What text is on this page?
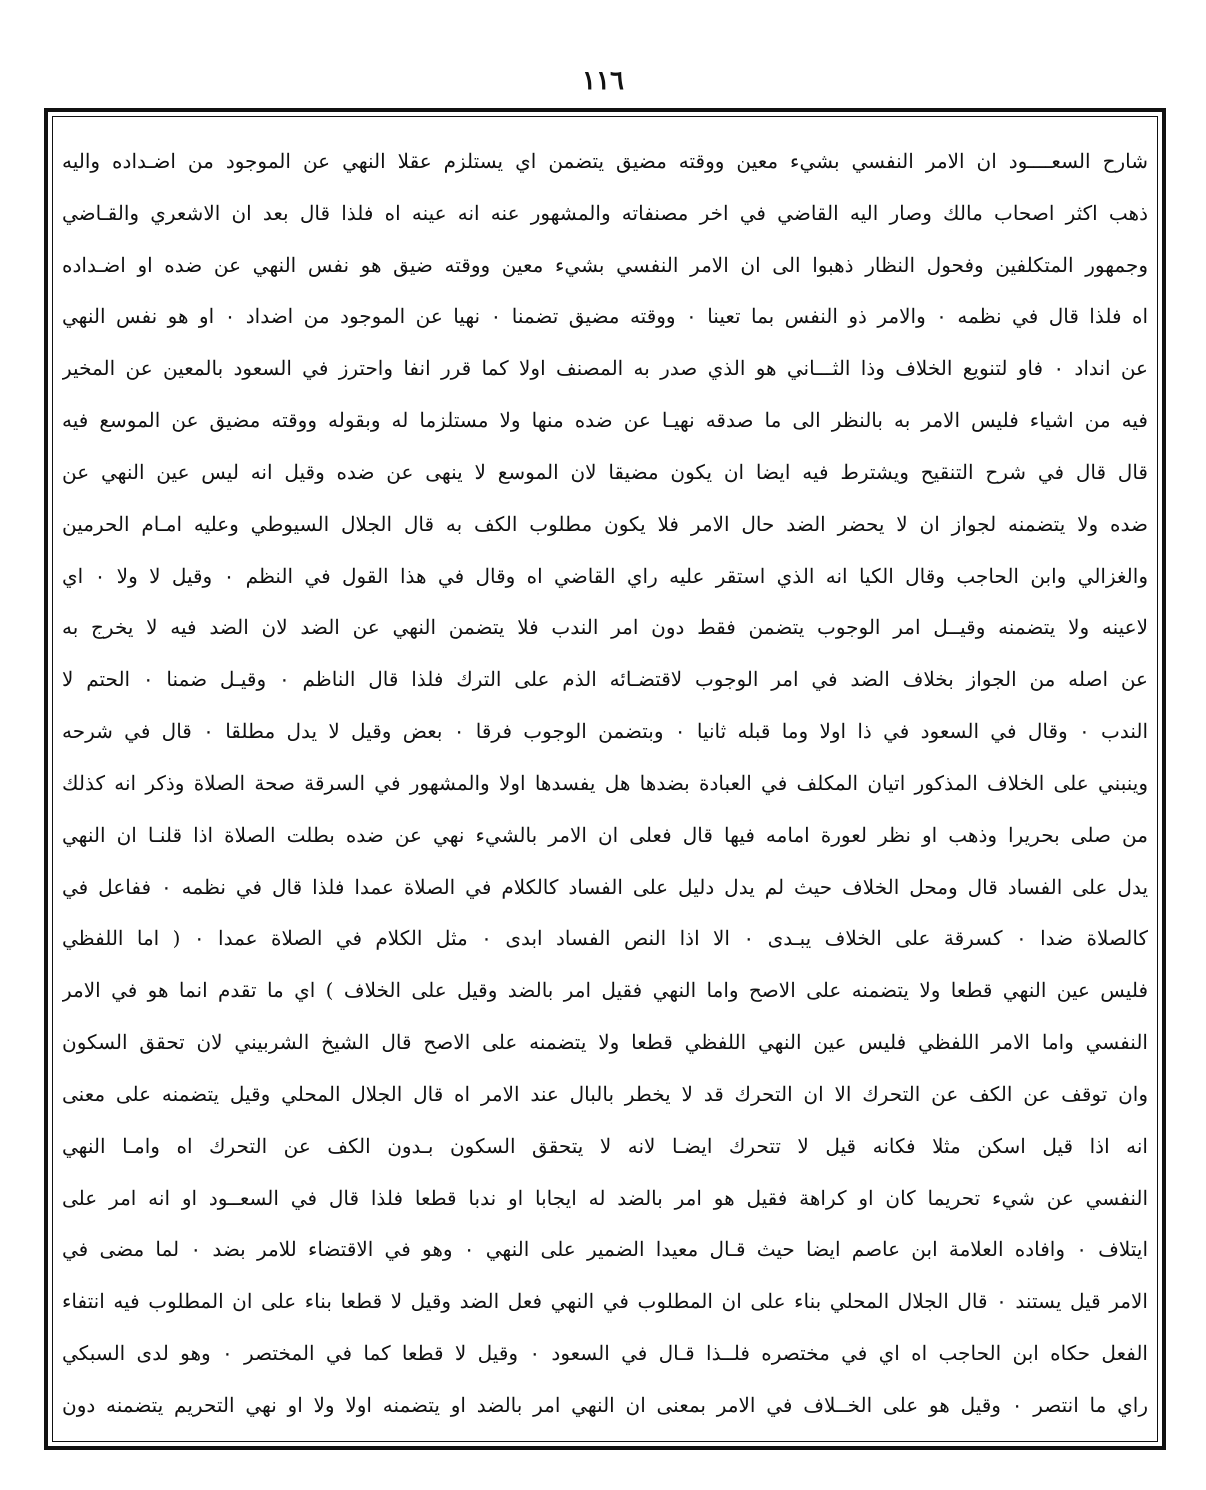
١١٦
شارح السعــــود ان الامر النفسي بشيء معين ووقته مضيق يتضمن اي يستلزم عقلا النهي عن الموجود من اضـداده واليه
ذهب اكثر اصحاب مالك وصار اليه القاضي في اخر مصنفاته والمشهور عنه انه عينه اه فلذا قال بعد ان الاشعري والقـاضي
وجمهور المتكلفين وفحول النظار ذهبوا الى ان الامر النفسي بشيء معين ووقته ضيق هو نفس النهي عن ضده او اضـداده
اه فلذا قال في نظمه ٠ والامر ذو النفس بما تعينا ٠ ووقته مضيق تضمنا ٠ نهيا عن الموجود من اضداد ٠ او هو نفس النهي
عن انداد ٠ فاو لتنويع الخلاف وذا الثـــاني هو الذي صدر به المصنف اولا كما قرر انفا واحترز في السعود بالمعين عن المخير
فيه من اشياء فليس الامر به بالنظر الى ما صدقه نهيـا عن ضده منها ولا مستلزما له وبقوله ووقته مضيق عن الموسع فيه
قال قال في شرح التنقيح ويشترط فيه ايضا ان يكون مضيقا لان الموسع لا ينهى عن ضده وقيل انه ليس عين النهي عن
ضده ولا يتضمنه لجواز ان لا يحضر الضد حال الامر فلا يكون مطلوب الكف به قال الجلال السيوطي وعليه امـام الحرمين
والغزالي وابن الحاجب وقال الكيا انه الذي استقر عليه راي القاضي اه وقال في هذا القول في النظم ٠ وقيل لا ولا ٠ اي
لاعينه ولا يتضمنه وقيــل امر الوجوب يتضمن فقط دون امر الندب فلا يتضمن النهي عن الضد لان الضد فيه لا يخرج به
عن اصله من الجواز بخلاف الضد في امر الوجوب لاقتضـائه الذم على الترك فلذا قال الناظم ٠ وقيـل ضمنا ٠ الحتم لا
الندب ٠ وقال في السعود في ذا اولا وما قبله ثانيا ٠ وبتضمن الوجوب فرقا ٠ بعض وقيل لا يدل مطلقا ٠ قال في شرحه
وينبني على الخلاف المذكور اتيان المكلف في العبادة بضدها هل يفسدها اولا والمشهور في السرقة صحة الصلاة وذكر انه كذلك
من صلى بحريرا وذهب او نظر لعورة امامه فيها قال فعلى ان الامر بالشيء نهي عن ضده بطلت الصلاة اذا قلنـا ان النهي
يدل على الفساد قال ومحل الخلاف حيث لم يدل دليل على الفساد كالكلام في الصلاة عمدا فلذا قال في نظمه ٠ ففاعل في
كالصلاة ضدا ٠ كسرقة على الخلاف يبـدى ٠ الا اذا النص الفساد ابدى ٠ مثل الكلام في الصلاة عمدا ٠ ( اما اللفظي
فليس عين النهي قطعا ولا يتضمنه على الاصح واما النهي فقيل امر بالضد وقيل على الخلاف ) اي ما تقدم انما هو في الامر
النفسي واما الامر اللفظي فليس عين النهي اللفظي قطعا ولا يتضمنه على الاصح قال الشيخ الشربيني لان تحقق السكون
وان توقف عن الكف عن التحرك الا ان التحرك قد لا يخطر بالبال عند الامر اه قال الجلال المحلي وقيل يتضمنه على معنى
انه اذا قيل اسكن مثلا فكانه قيل لا تتحرك ايضـا لانه لا يتحقق السكون بـدون الكف عن التحرك اه وامـا النهي
النفسي عن شيء تحريما كان او كراهة فقيل هو امر بالضد له ايجابا او ندبا قطعا فلذا قال في السعــود او انه امر على
ايتلاف ٠ وافاده العلامة ابن عاصم ايضا حيث قـال معيدا الضمير على النهي ٠ وهو في الاقتضاء للامر بضد ٠ لما مضى في
الامر قيل يستند ٠ قال الجلال المحلي بناء على ان المطلوب في النهي فعل الضد وقيل لا قطعا بناء على ان المطلوب فيه انتفاء
الفعل حكاه ابن الحاجب اه اي في مختصره فلــذا قـال في السعود ٠ وقيل لا قطعا كما في المختصر ٠ وهو لدى السبكي
راي ما انتصر ٠ وقيل هو على الخــلاف في الامر بمعنى ان النهي امر بالضد او يتضمنه اولا ولا او نهي التحريم يتضمنه دون
